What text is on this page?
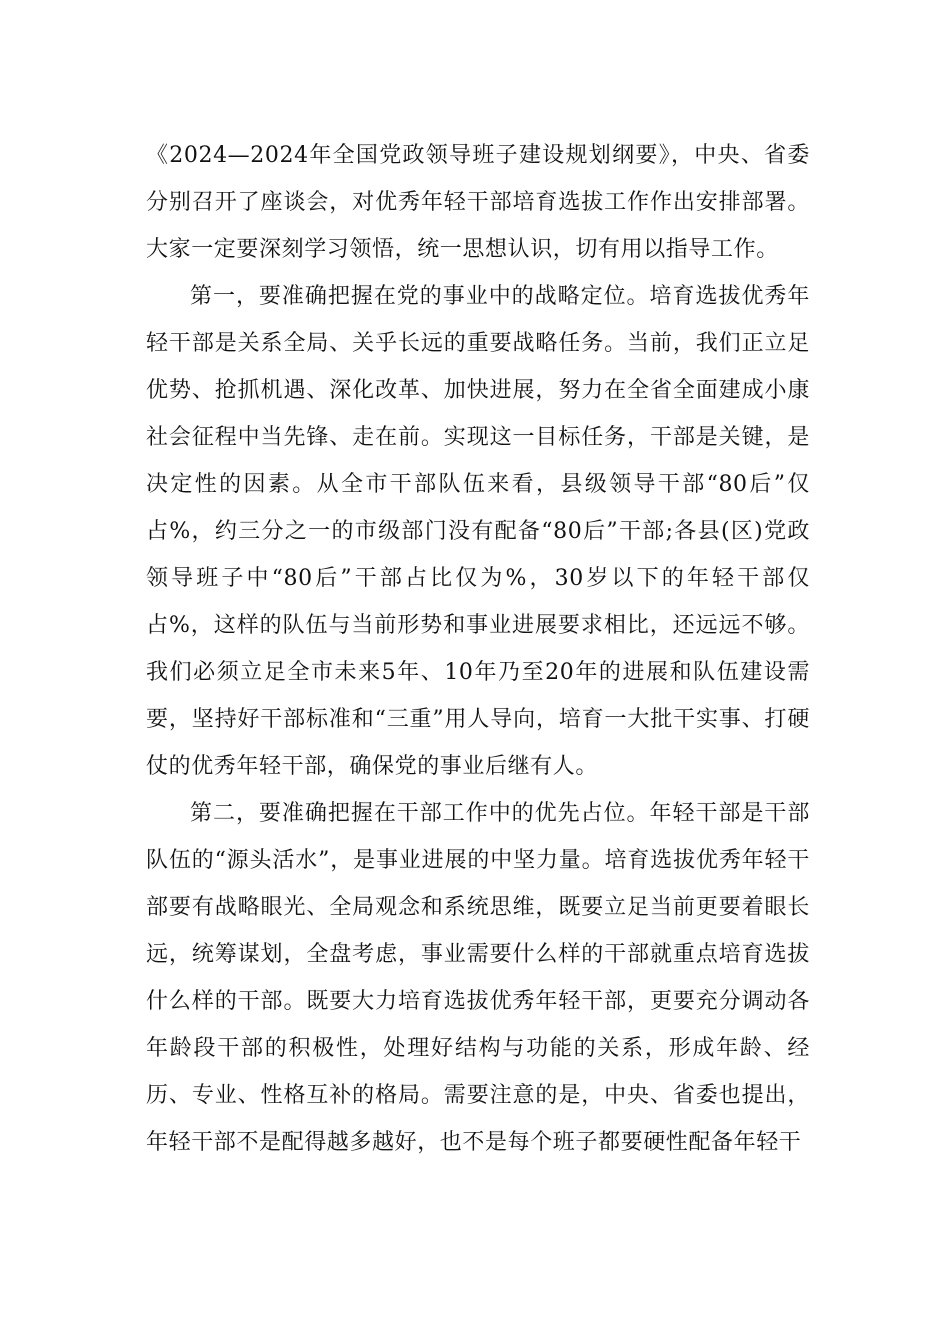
《2024—2024年全国党政领导班子建设规划纲要》，中央、省委分别召开了座谈会，对优秀年轻干部培育选拔工作作出安排部署。大家一定要深刻学习领悟，统一思想认识，切有用以指导工作。

第一，要准确把握在党的事业中的战略定位。培育选拔优秀年轻干部是关系全局、关乎长远的重要战略任务。当前，我们正立足优势、抢抓机遇、深化改革、加快进展，努力在全省全面建成小康社会征程中当先锋、走在前。实现这一目标任务，干部是关键，是决定性的因素。从全市干部队伍来看，县级领导干部“80后”仅占%，约三分之一的市级部门没有配备“80后”干部;各县(区)党政领导班子中“80后”干部占比仅为%，30岁以下的年轻干部仅占%，这样的队伍与当前形势和事业进展要求相比，还远远不够。我们必须立足全市未来5年、10年乃至20年的进展和队伍建设需要，坚持好干部标准和“三重”用人导向，培育一大批干实事、打硬仗的优秀年轻干部，确保党的事业后继有人。

第二，要准确把握在干部工作中的优先占位。年轻干部是干部队伍的“源头活水”，是事业进展的中坚力量。培育选拔优秀年轻干部要有战略眼光、全局观念和系统思维，既要立足当前更要着眼长远，统筹谋划，全盘考虑，事业需要什么样的干部就重点培育选拔什么样的干部。既要大力培育选拔优秀年轻干部，更要充分调动各年龄段干部的积极性，处理好结构与功能的关系，形成年龄、经历、专业、性格互补的格局。需要注意的是，中央、省委也提出，年轻干部不是配得越多越好，也不是每个班子都要硬性配备年轻干
